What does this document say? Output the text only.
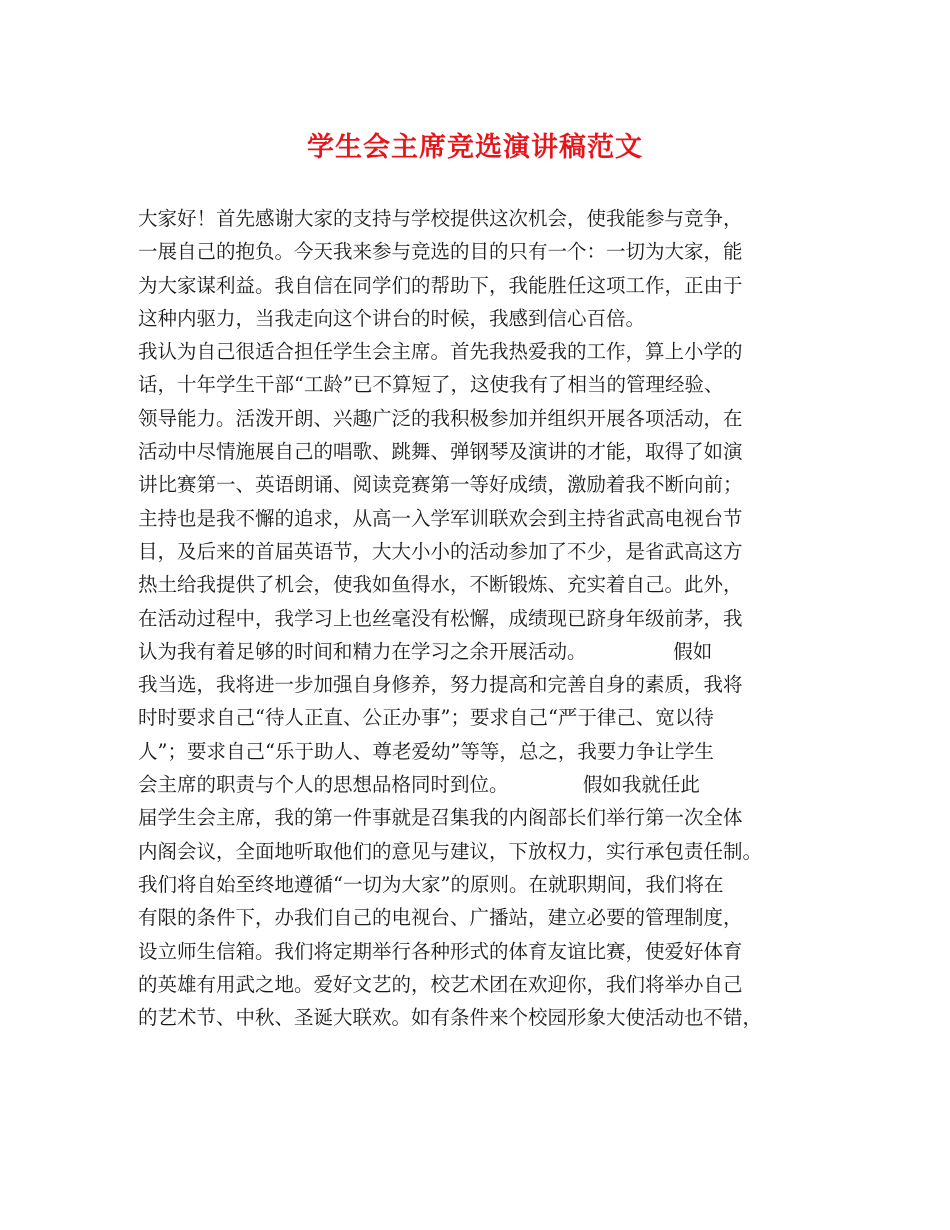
学生会主席竞选演讲稿范文
大家好！首先感谢大家的支持与学校提供这次机会，使我能参与竞争，
一展自己的抱负。今天我来参与竞选的目的只有一个：一切为大家，能
为大家谋利益。我自信在同学们的帮助下，我能胜任这项工作，正由于
这种内驱力，当我走向这个讲台的时候，我感到信心百倍。
我认为自己很适合担任学生会主席。首先我热爱我的工作，算上小学的
话，十年学生干部“工龄”已不算短了，这使我有了相当的管理经验、
领导能力。活泼开朗、兴趣广泛的我积极参加并组织开展各项活动，在
活动中尽情施展自己的唱歌、跳舞、弹钢琴及演讲的才能，取得了如演
讲比赛第一、英语朗诵、阅读竞赛第一等好成绩，激励着我不断向前；
主持也是我不懈的追求，从高一入学军训联欢会到主持省武高电视台节
目，及后来的首届英语节，大大小小的活动参加了不少，是省武高这方
热土给我提供了机会，使我如鱼得水，不断锻炼、充实着自己。此外，
在活动过程中，我学习上也丝毫没有松懈，成绩现已跻身年级前茅，我
认为我有着足够的时间和精力在学习之余开展活动。              假如
我当选，我将进一步加强自身修养，努力提高和完善自身的素质，我将
时时要求自己“待人正直、公正办事”；要求自己“严于律己、宽以待
人”；要求自己“乐于助人、尊老爱幼”等等，总之，我要力争让学生
会主席的职责与个人的思想品格同时到位。            假如我就任此
届学生会主席，我的第一件事就是召集我的内阁部长们举行第一次全体
内阁会议，全面地听取他们的意见与建议，下放权力，实行承包责任制。
我们将自始至终地遵循“一切为大家”的原则。在就职期间，我们将在
有限的条件下，办我们自己的电视台、广播站，建立必要的管理制度，
设立师生信箱。我们将定期举行各种形式的体育友谊比赛，使爱好体育
的英雄有用武之地。爱好文艺的，校艺术团在欢迎你，我们将举办自己
的艺术节、中秋、圣诞大联欢。如有条件来个校园形象大使活动也不错，
